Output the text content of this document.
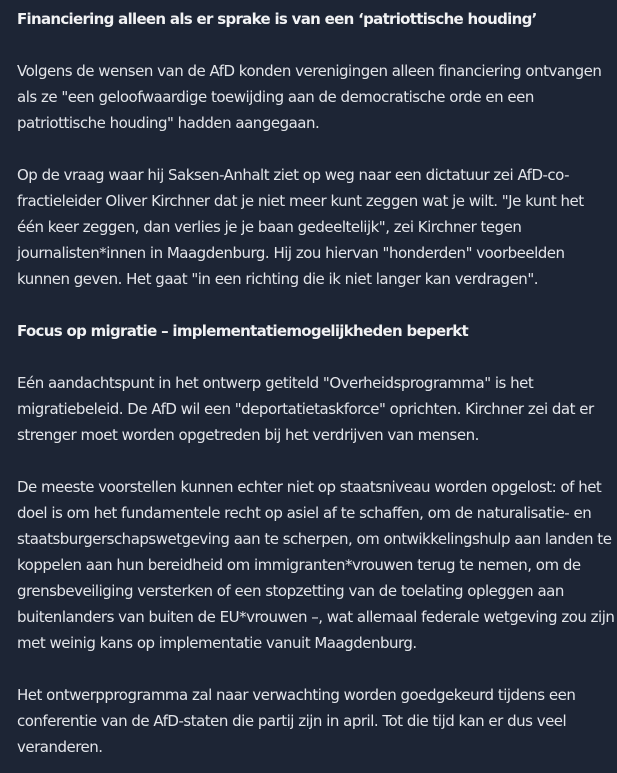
Financiering alleen als er sprake is van een ‘patriottische houding’

Volgens de wensen van de AfD konden verenigingen alleen financiering ontvangen
als ze "een geloofwaardige toewijding aan de democratische orde en een
patriottische houding" hadden aangegaan.

Op de vraag waar hij Saksen-Anhalt ziet op weg naar een dictatuur zei AfD-co-
fractieleider Oliver Kirchner dat je niet meer kunt zeggen wat je wilt. "Je kunt het
één keer zeggen, dan verlies je je baan gedeeltelijk", zei Kirchner tegen
journalisten*innen in Maagdenburg. Hij zou hiervan "honderden" voorbeelden
kunnen geven. Het gaat "in een richting die ik niet langer kan verdragen".

Focus op migratie – implementatiemogelijkheden beperkt

Eén aandachtspunt in het ontwerp getiteld "Overheidsprogramma" is het
migratiebeleid. De AfD wil een "deportatietaskforce" oprichten. Kirchner zei dat er
strenger moet worden opgetreden bij het verdrijven van mensen.

De meeste voorstellen kunnen echter niet op staatsniveau worden opgelost: of het
doel is om het fundamentele recht op asiel af te schaffen, om de naturalisatie- en
staatsburgerschapswetgeving aan te scherpen, om ontwikkelingshulp aan landen te
koppelen aan hun bereidheid om immigranten*vrouwen terug te nemen, om de
grensbeveiliging versterken of een stopzetting van de toelating opleggen aan
buitenlanders van buiten de EU*vrouwen –, wat allemaal federale wetgeving zou zijn
met weinig kans op implementatie vanuit Maagdenburg.

Het ontwerpprogramma zal naar verwachting worden goedgekeurd tijdens een
conferentie van de AfD-staten die partij zijn in april. Tot die tijd kan er dus veel
veranderen.
